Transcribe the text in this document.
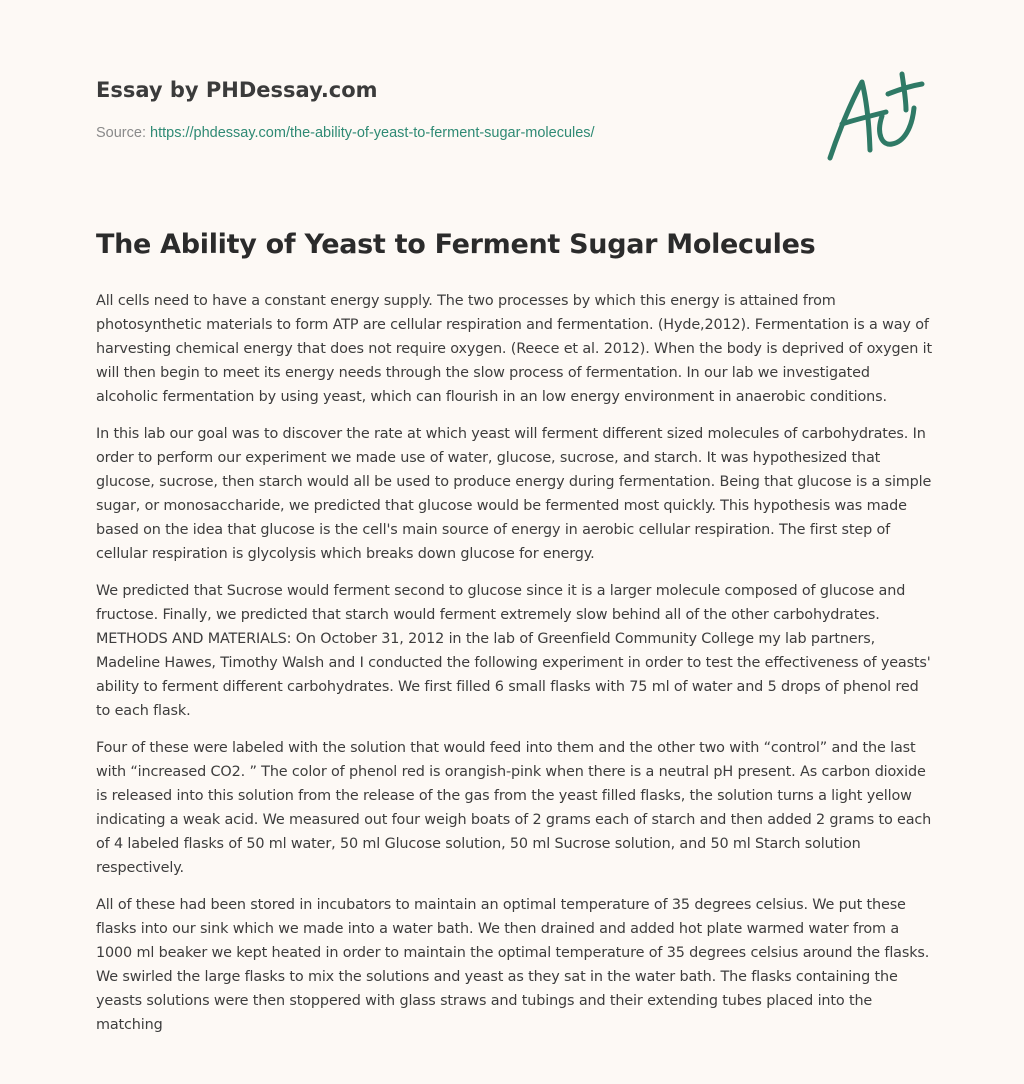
Essay by PHDessay.com
Source: https://phdessay.com/the-ability-of-yeast-to-ferment-sugar-molecules/
The Ability of Yeast to Ferment Sugar Molecules

All cells need to have a constant energy supply. The two processes by which this energy is attained from photosynthetic materials to form ATP are cellular respiration and fermentation. (Hyde,2012). Fermentation is a way of harvesting chemical energy that does not require oxygen. (Reece et al. 2012). When the body is deprived of oxygen it will then begin to meet its energy needs through the slow process of fermentation. In our lab we investigated alcoholic fermentation by using yeast, which can flourish in an low energy environment in anaerobic conditions.

In this lab our goal was to discover the rate at which yeast will ferment different sized molecules of carbohydrates. In order to perform our experiment we made use of water, glucose, sucrose, and starch. It was hypothesized that glucose, sucrose, then starch would all be used to produce energy during fermentation. Being that glucose is a simple sugar, or monosaccharide, we predicted that glucose would be fermented most quickly. This hypothesis was made based on the idea that glucose is the cell's main source of energy in aerobic cellular respiration. The first step of cellular respiration is glycolysis which breaks down glucose for energy.

We predicted that Sucrose would ferment second to glucose since it is a larger molecule composed of glucose and fructose. Finally, we predicted that starch would ferment extremely slow behind all of the other carbohydrates. METHODS AND MATERIALS: On October 31, 2012 in the lab of Greenfield Community College my lab partners, Madeline Hawes, Timothy Walsh and I conducted the following experiment in order to test the effectiveness of yeasts' ability to ferment different carbohydrates. We first filled 6 small flasks with 75 ml of water and 5 drops of phenol red to each flask.

Four of these were labeled with the solution that would feed into them and the other two with “control” and the last with “increased CO2. ” The color of phenol red is orangish-pink when there is a neutral pH present. As carbon dioxide is released into this solution from the release of the gas from the yeast filled flasks, the solution turns a light yellow indicating a weak acid. We measured out four weigh boats of 2 grams each of starch and then added 2 grams to each of 4 labeled flasks of 50 ml water, 50 ml Glucose solution, 50 ml Sucrose solution, and 50 ml Starch solution respectively.

All of these had been stored in incubators to maintain an optimal temperature of 35 degrees celsius. We put these flasks into our sink which we made into a water bath. We then drained and added hot plate warmed water from a 1000 ml beaker we kept heated in order to maintain the optimal temperature of 35 degrees celsius around the flasks. We swirled the large flasks to mix the solutions and yeast as they sat in the water bath. The flasks containing the yeasts solutions were then stoppered with glass straws and tubings and their extending tubes placed into the matching
